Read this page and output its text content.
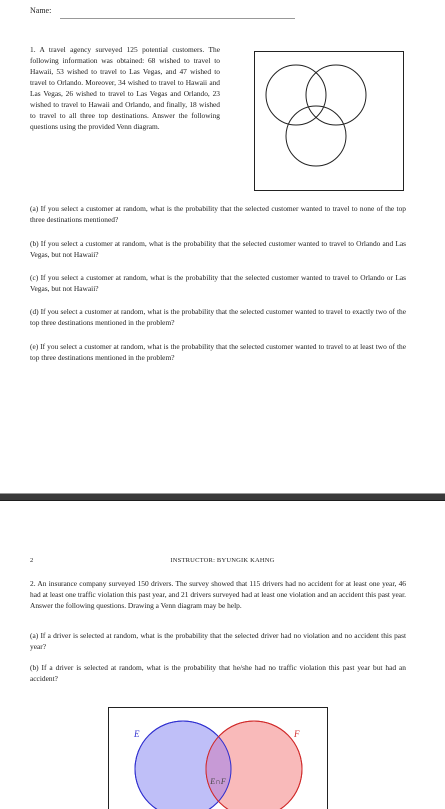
Name:
1. A travel agency surveyed 125 potential customers. The following information was obtained: 68 wished to travel to Hawaii, 53 wished to travel to Las Vegas, and 47 wished to travel to Orlando. Moreover, 34 wished to travel to Hawaii and Las Vegas, 26 wished to travel to Las Vegas and Orlando, 23 wished to travel to Hawaii and Orlando, and finally, 18 wished to travel to all three top destinations. Answer the following questions using the provided Venn diagram.
(a) If you select a customer at random, what is the probability that the selected customer wanted to travel to none of the top three destinations mentioned?
(b) If you select a customer at random, what is the probability that the selected customer wanted to travel to Orlando and Las Vegas, but not Hawaii?
(c) If you select a customer at random, what is the probability that the selected customer wanted to travel to Orlando or Las Vegas, but not Hawaii?
(d) If you select a customer at random, what is the probability that the selected customer wanted to travel to exactly two of the top three destinations mentioned in the problem?
(e) If you select a customer at random, what is the probability that the selected customer wanted to travel to at least two of the top three destinations mentioned in the problem?
2	INSTRUCTOR: BYUNGIK KAHNG
2. An insurance company surveyed 150 drivers. The survey showed that 115 drivers had no accident for at least one year, 46 had at least one traffic violation this past year, and 21 drivers surveyed had at least one violation and an accident this past year. Answer the following questions. Drawing a Venn diagram may be help.
(a) If a driver is selected at random, what is the probability that the selected driver had no violation and no accident this past year?
(b) If a driver is selected at random, what is the probability that he/she had no traffic violation this past year but had an accident?
E	F
E∩F
